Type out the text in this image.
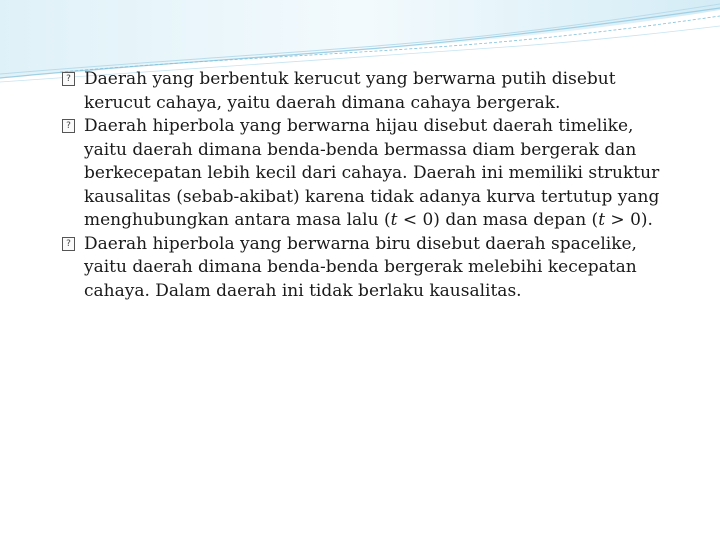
? Daerah yang berbentuk kerucut yang berwarna putih disebut kerucut cahaya, yaitu daerah dimana cahaya bergerak.

? Daerah hiperbola yang berwarna hijau disebut daerah timelike, yaitu daerah dimana benda-benda bermassa diam bergerak dan berkecepatan lebih kecil dari cahaya. Daerah ini memiliki struktur kausalitas (sebab-akibat) karena tidak adanya kurva tertutup yang menghubungkan antara masa lalu (t < 0) dan masa depan (t > 0).

? Daerah hiperbola yang berwarna biru disebut daerah spacelike, yaitu daerah dimana benda-benda bergerak melebihi kecepatan cahaya. Dalam daerah ini tidak berlaku kausalitas.
